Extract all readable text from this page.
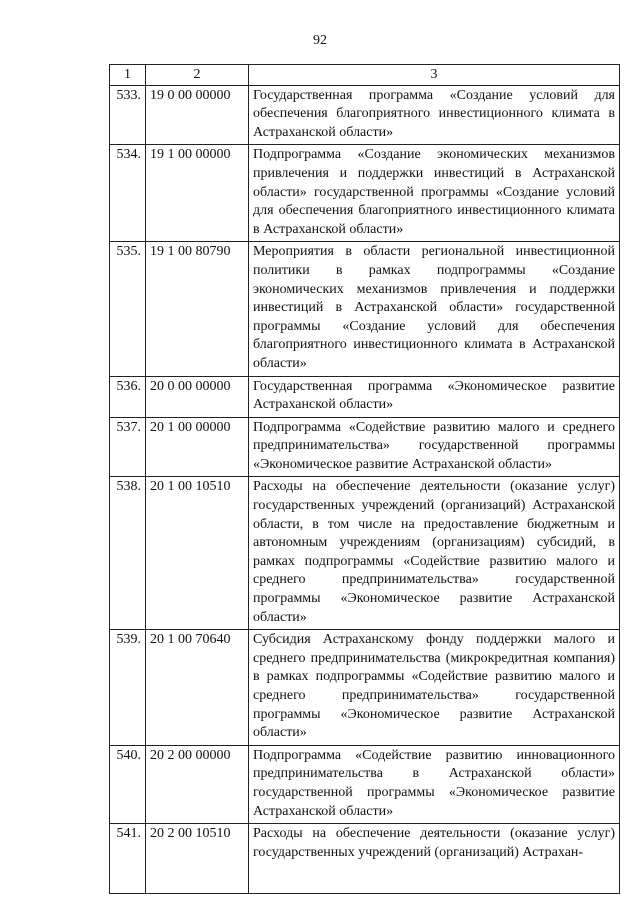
92
1	2	3
533.	19 0 00 00000	Государственная программа «Создание условий для обеспечения благоприятного инвестиционного климата в Астраханской области»
534.	19 1 00 00000	Подпрограмма «Создание экономических механизмов привлечения и поддержки инвестиций в Астраханской области» государственной программы «Создание условий для обеспечения благоприятного инвестиционного климата в Астраханской области»
535.	19 1 00 80790	Мероприятия в области региональной инвестиционной политики в рамках подпрограммы «Создание экономических механизмов привлечения и поддержки инвестиций в Астраханской области» государственной программы «Создание условий для обеспечения благоприятного инвестиционного климата в Астраханской области»
536.	20 0 00 00000	Государственная программа «Экономическое развитие Астраханской области»
537.	20 1 00 00000	Подпрограмма «Содействие развитию малого и среднего предпринимательства» государственной программы «Экономическое развитие Астраханской области»
538.	20 1 00 10510	Расходы на обеспечение деятельности (оказание услуг) государственных учреждений (организаций) Астраханской области, в том числе на предоставление бюджетным и автономным учреждениям (организациям) субсидий, в рамках подпрограммы «Содействие развитию малого и среднего предпринимательства» государственной программы «Экономическое развитие Астраханской области»
539.	20 1 00 70640	Субсидия Астраханскому фонду поддержки малого и среднего предпринимательства (микрокредитная компания) в рамках подпрограммы «Содействие развитию малого и среднего предпринимательства» государственной программы «Экономическое развитие Астраханской области»
540.	20 2 00 00000	Подпрограмма «Содействие развитию инновационного предпринимательства в Астраханской области» государственной программы «Экономическое развитие Астраханской области»
541.	20 2 00 10510	Расходы на обеспечение деятельности (оказание услуг) государственных учреждений (организаций) Астрахан-
